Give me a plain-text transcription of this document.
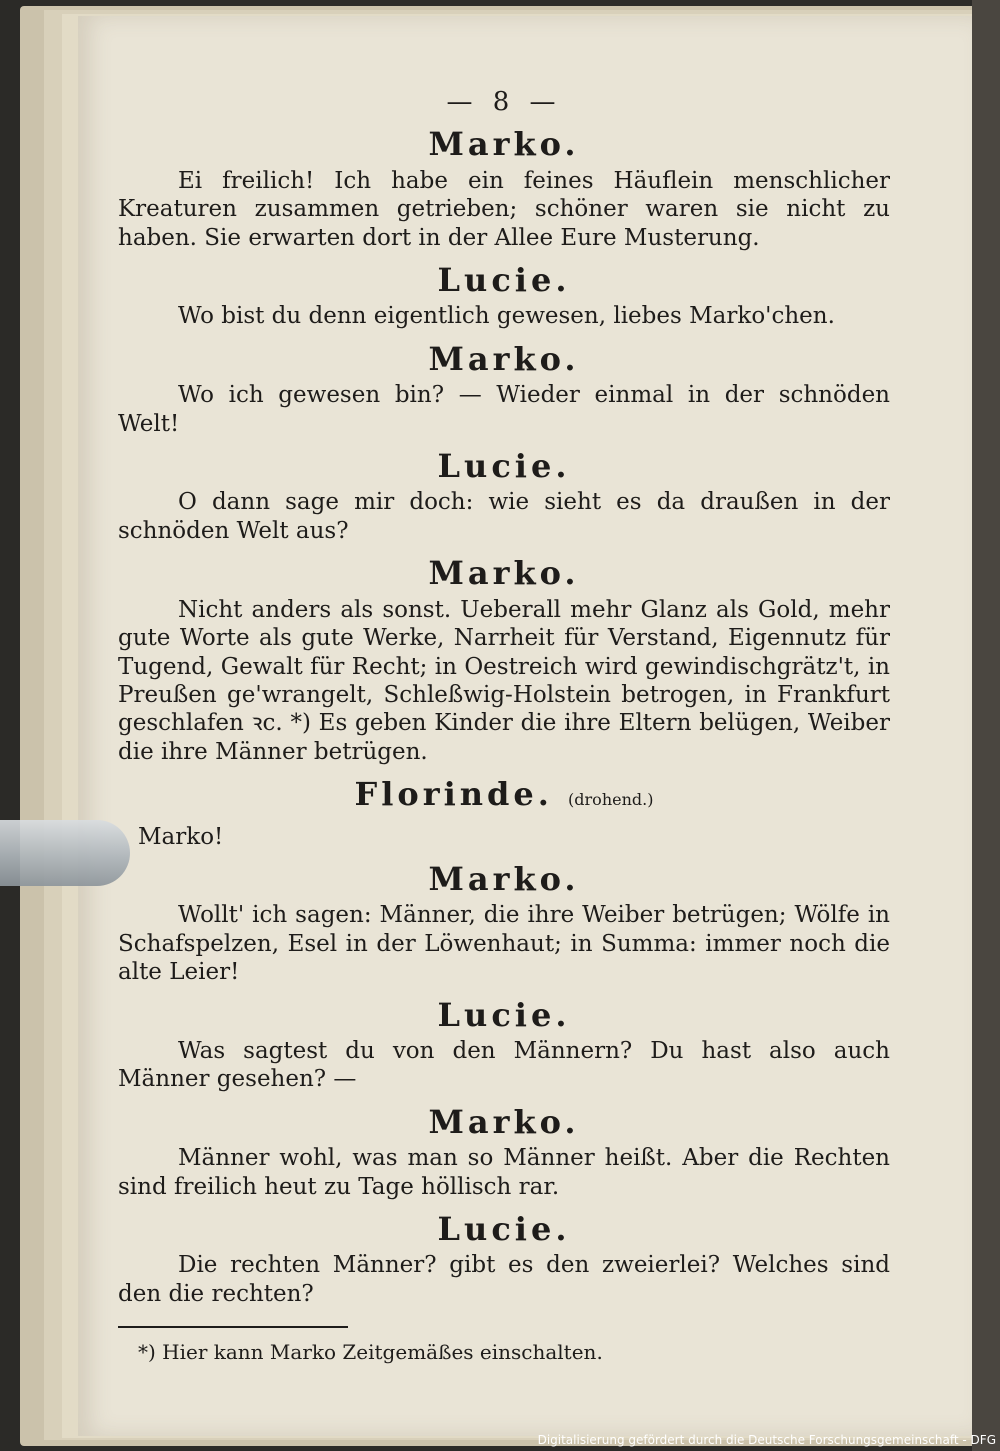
— 8 —
Marko.

Ei freilich! Ich habe ein feines Häuflein menschlicher Kreaturen zusammen getrieben; schöner waren sie nicht zu haben. Sie erwarten dort in der Allee Eure Musterung.

Lucie.

Wo bist du denn eigentlich gewesen, liebes Marko'chen.

Marko.

Wo ich gewesen bin? — Wieder einmal in der schnöden Welt!

Lucie.

O dann sage mir doch: wie sieht es da draußen in der schnöden Welt aus?

Marko.

Nicht anders als sonst. Ueberall mehr Glanz als Gold, mehr gute Worte als gute Werke, Narrheit für Verstand, Eigennutz für Tugend, Gewalt für Recht; in Oestreich wird gewindischgrätz't, in Preußen ge'wrangelt, Schleßwig-Holstein betrogen, in Frankfurt geschlafen ꝛc. *) Es geben Kinder die ihre Eltern belügen, Weiber die ihre Männer betrügen.

Florinde. (drohend.)

Marko!

Marko.

Wollt' ich sagen: Männer, die ihre Weiber betrügen; Wölfe in Schafspelzen, Esel in der Löwenhaut; in Summa: immer noch die alte Leier!

Lucie.

Was sagtest du von den Männern? Du hast also auch Männer gesehen? —

Marko.

Männer wohl, was man so Männer heißt. Aber die Rechten sind freilich heut zu Tage höllisch rar.

Lucie.

Die rechten Männer? gibt es den zweierlei? Welches sind den die rechten?

*) Hier kann Marko Zeitgemäßes einschalten.
Digitalisierung gefördert durch die Deutsche Forschungsgemeinschaft - DFG
